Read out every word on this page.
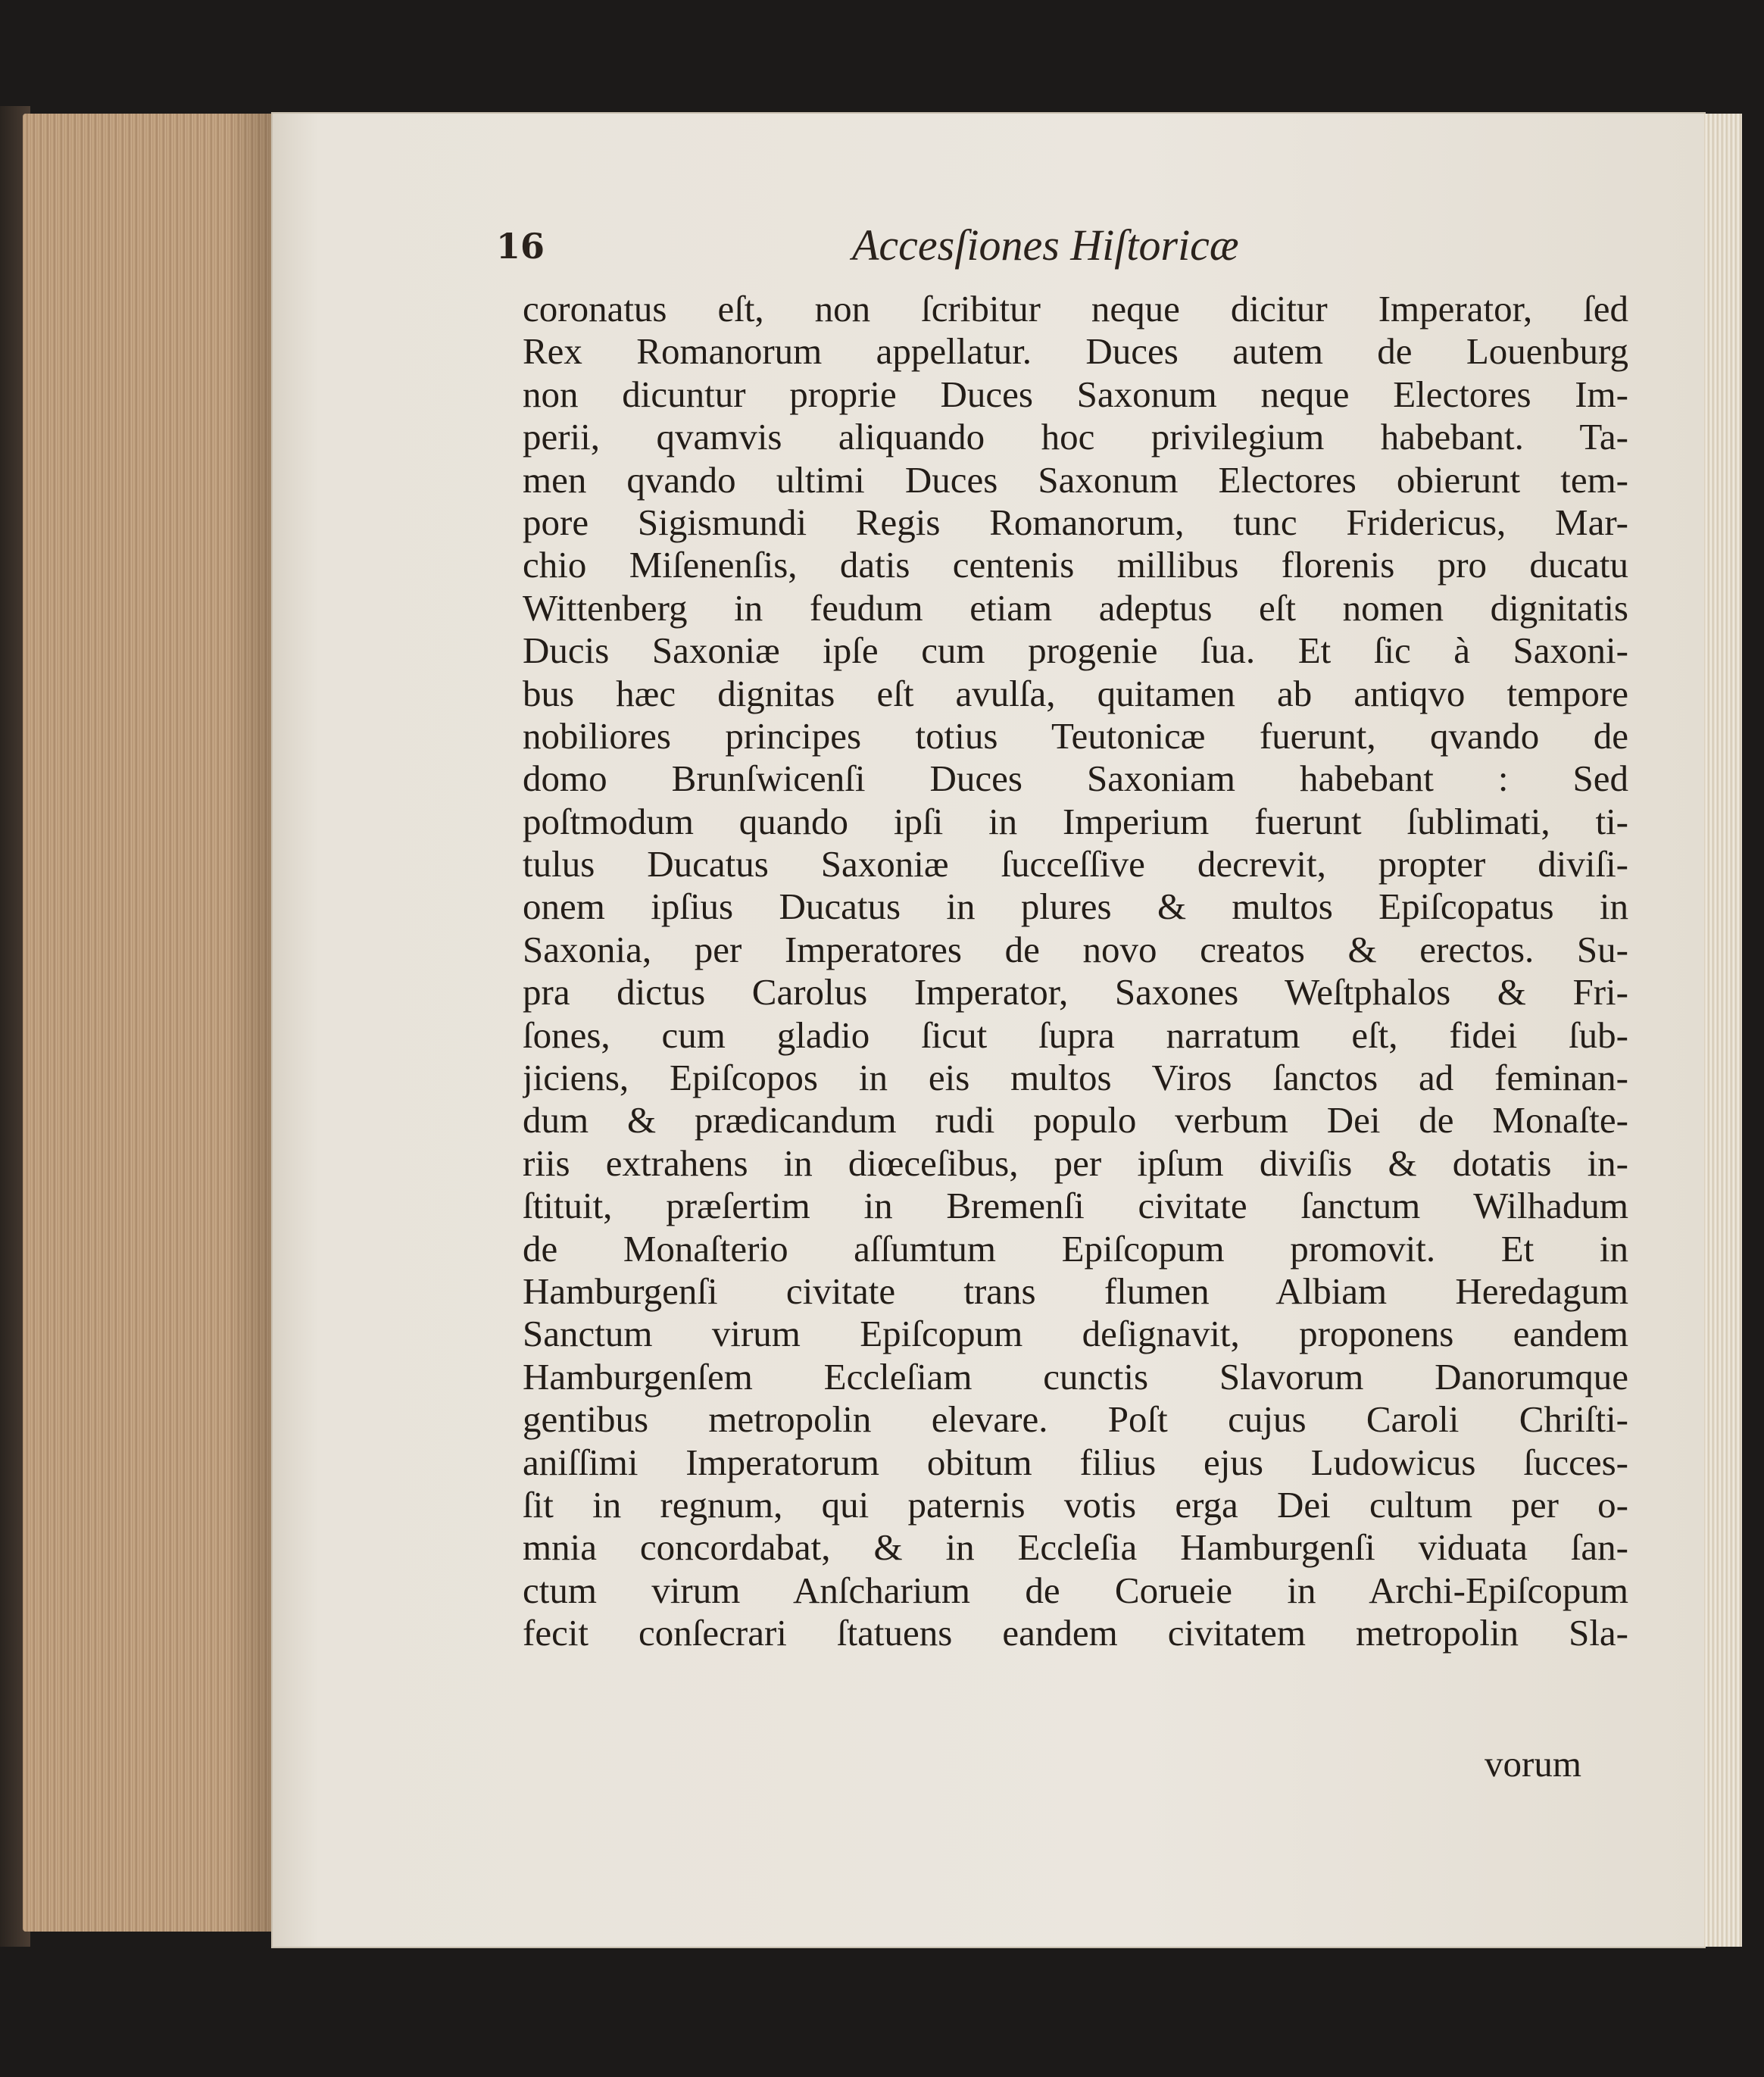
16	Accesſiones Hiſtoricæ
coronatus eſt, non ſcribitur neque dicitur Imperator, ſed
Rex Romanorum appellatur. Duces autem de Louenburg
non dicuntur proprie Duces Saxonum neque Electores Im-
perii, qvamvis aliquando hoc privilegium habebant. Ta-
men qvando ultimi Duces Saxonum Electores obierunt tem-
pore Sigismundi Regis Romanorum, tunc Fridericus, Mar-
chio Miſenenſis, datis centenis millibus florenis pro ducatu
Wittenberg in feudum etiam adeptus eſt nomen dignitatis
Ducis Saxoniæ ipſe cum progenie ſua. Et ſic à Saxoni-
bus hæc dignitas eſt avulſa, quitamen ab antiqvo tempore
nobiliores principes totius Teutonicæ fuerunt, qvando de
domo Brunſwicenſi Duces Saxoniam habebant : Sed
poſtmodum quando ipſi in Imperium fuerunt ſublimati, ti-
tulus Ducatus Saxoniæ ſucceſſive decrevit, propter diviſi-
onem ipſius Ducatus in plures & multos Epiſcopatus in
Saxonia, per Imperatores de novo creatos & erectos. Su-
pra dictus Carolus Imperator, Saxones Weſtphalos & Fri-
ſones, cum gladio ſicut ſupra narratum eſt, fidei ſub-
jiciens, Epiſcopos in eis multos Viros ſanctos ad feminan-
dum & prædicandum rudi populo verbum Dei de Monaſte-
riis extrahens in diœceſibus, per ipſum diviſis & dotatis in-
ſtituit, præſertim in Bremenſi civitate ſanctum Wilhadum
de Monaſterio aſſumtum Epiſcopum promovit. Et in
Hamburgenſi civitate trans flumen Albiam Heredagum
Sanctum virum Epiſcopum deſignavit, proponens eandem
Hamburgenſem Eccleſiam cunctis Slavorum Danorumque
gentibus metropolin elevare. Poſt cujus Caroli Chriſti-
aniſſimi Imperatorum obitum filius ejus Ludowicus ſucces-
ſit in regnum, qui paternis votis erga Dei cultum per o-
mnia concordabat, & in Eccleſia Hamburgenſi viduata ſan-
ctum virum Anſcharium de Corueie in Archi-Epiſcopum
fecit conſecrari ſtatuens eandem civitatem metropolin Sla-
vorum
